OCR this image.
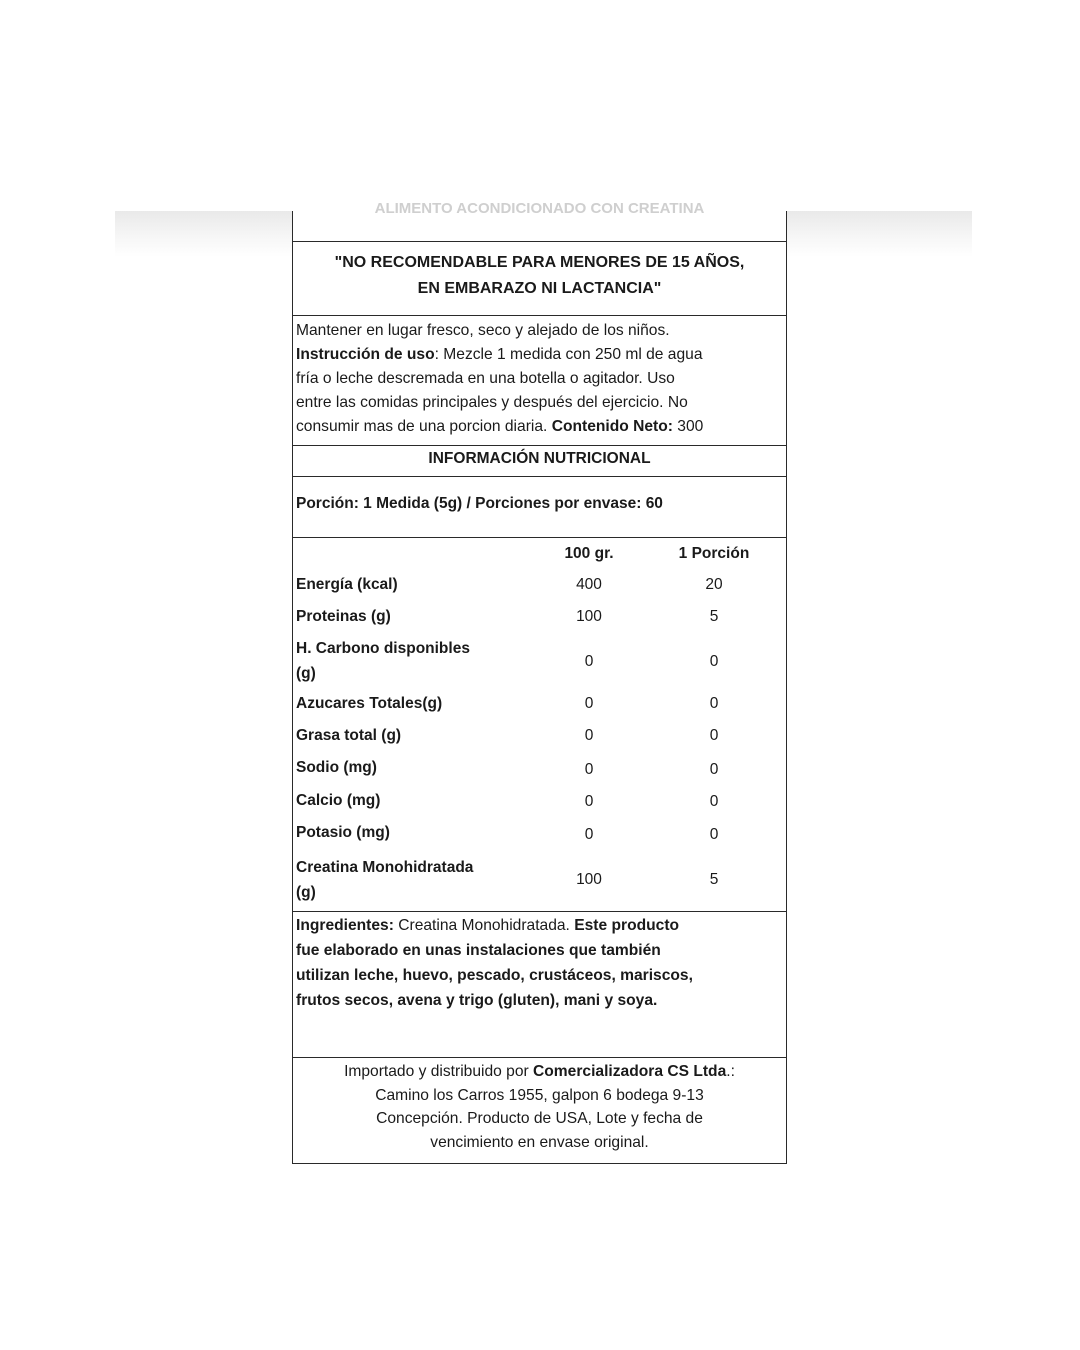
ALIMENTO ACONDICIONADO CON CREATINA
"NO RECOMENDABLE PARA MENORES DE 15 AÑOS,
EN EMBARAZO NI LACTANCIA"
Mantener en lugar fresco, seco y alejado de los niños.
Instrucción de uso: Mezcle 1 medida con 250 ml de agua
fría o leche descremada en una botella o agitador. Uso
entre las comidas principales y después del ejercicio. No
consumir mas de una porcion diaria. Contenido Neto: 300
INFORMACIÓN NUTRICIONAL
Porción: 1 Medida (5g) / Porciones por envase: 60
100 gr.	1 Porción
Energía (kcal)	400	20
Proteinas (g)	100	5
H. Carbono disponibles
(g)
0	0
Azucares Totales(g)	0	0
Grasa total (g)	0	0
Sodio (mg)	0	0
Calcio (mg)	0	0
Potasio (mg)	0	0
Creatina Monohidratada
(g)
100	5
Ingredientes: Creatina Monohidratada. Este producto
fue elaborado en unas instalaciones que también
utilizan leche, huevo, pescado, crustáceos, mariscos,
frutos secos, avena y trigo (gluten), mani y soya.
Importado y distribuido por Comercializadora CS Ltda.:
Camino los Carros 1955, galpon 6 bodega 9-13
Concepción. Producto de USA, Lote y fecha de
vencimiento en envase original.
